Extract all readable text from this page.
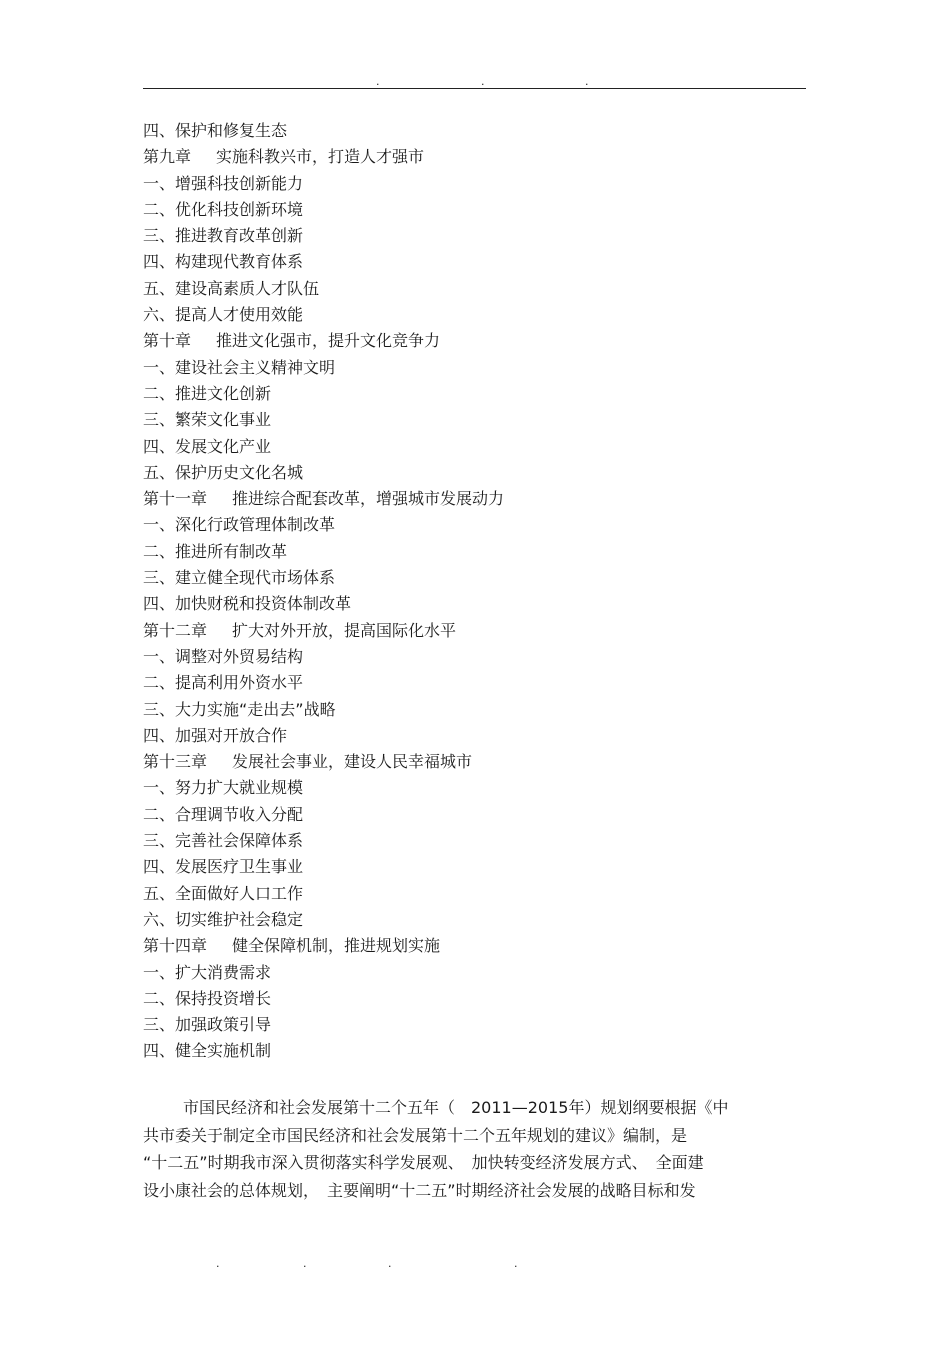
.	.	.
四、保护和修复生态
第九章 实施科教兴市，打造人才强市
一、增强科技创新能力
二、优化科技创新环境
三、推进教育改革创新
四、构建现代教育体系
五、建设高素质人才队伍
六、提高人才使用效能
第十章 推进文化强市，提升文化竞争力
一、建设社会主义精神文明
二、推进文化创新
三、繁荣文化事业
四、发展文化产业
五、保护历史文化名城
第十一章 推进综合配套改革，增强城市发展动力
一、深化行政管理体制改革
二、推进所有制改革
三、建立健全现代市场体系
四、加快财税和投资体制改革
第十二章 扩大对外开放，提高国际化水平
一、调整对外贸易结构
二、提高利用外资水平
三、大力实施“走出去”战略
四、加强对开放合作
第十三章 发展社会事业，建设人民幸福城市
一、努力扩大就业规模
二、合理调节收入分配
三、完善社会保障体系
四、发展医疗卫生事业
五、全面做好人口工作
六、切实维护社会稳定
第十四章 健全保障机制，推进规划实施
一、扩大消费需求
二、保持投资增长
三、加强政策引导
四、健全实施机制

市国民经济和社会发展第十二个五年（　2011—2015年）规划纲要根据《中
共市委关于制定全市国民经济和社会发展第十二个五年规划的建议》编制，是
“十二五”时期我市深入贯彻落实科学发展观、　加快转变经济发展方式、　全面建
设小康社会的总体规划，　主要阐明“十二五”时期经济社会发展的战略目标和发

.	.	.	.
